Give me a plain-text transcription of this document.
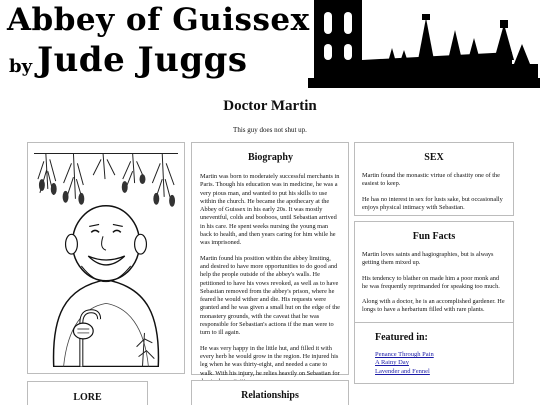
Abbey of Guissex
by Jude Juggs
Doctor Martin
This guy does not shut up.
Biography

Martin was born to moderately successful merchants in Paris. Though his education was in medicine, he was a very pious man, and wanted to put his skills to use within the church. He became the apothecary at the Abbey of Guissex in his early 20s. It was mostly uneventful, colds and booboos, until Sebastian arrived in his care. He spent weeks nursing the young man back to health, and then years caring for him while he was imprisoned.

Martin found his position within the abbey limiting, and desired to have more opportunities to do good and help the people outside of the abbey's walls. He petitioned to have his vows revoked, as well as to have Sebastian removed from the abbey's prison, where he feared he would wither and die. His requests were granted and he was given a small hut on the edge of the monastery grounds, with the caveat that he was responsible for Sebastian's actions if the man were to turn to ill again.

He was very happy in the little hut, and filled it with every herb he would grow in the region. He injured his leg when he was thirty-eight, and needed a cane to walk. With his injury, he relies heavily on Sebastian for

SEX

Martin found the monastic virtue of chastity one of the easiest to keep.

He has no interest in sex for lusts sake, but occasionally enjoys physical intimacy with Sebastian.

Fun Facts

Martin loves saints and hagiographies, but is always getting them mixed up.

His tendency to blather on made him a poor monk and he was frequently reprimanded for speaking too much.

Along with a doctor, he is an accomplished gardener. He longs to have a herbarium filled with rare plants.

Featured in:
Penance Through Pain
A Rainy Day
Lavender and Fennel
LORE	Relationships
